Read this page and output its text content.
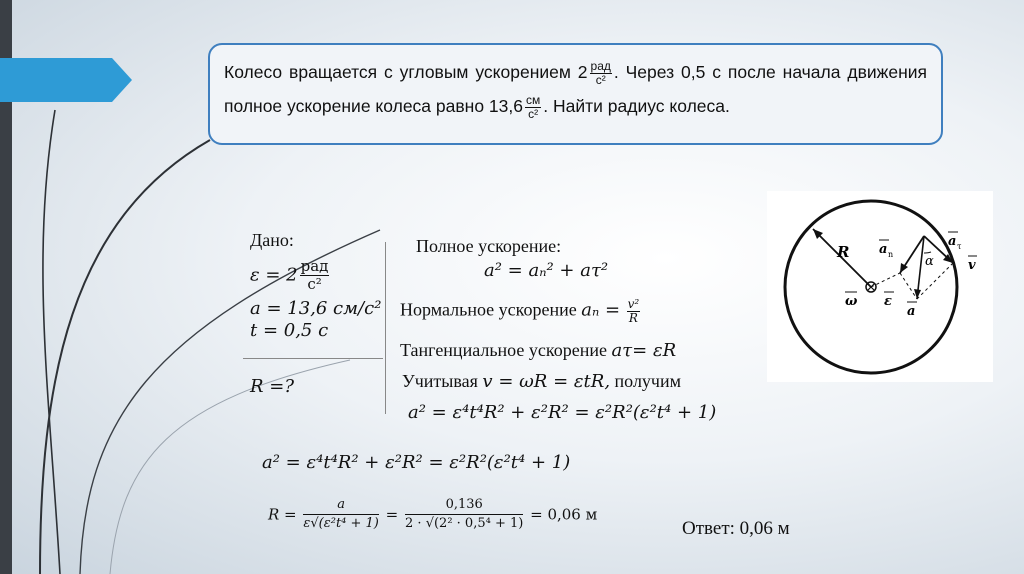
Колесо вращается с угловым ускорением $2 \frac{\text{рад}}{\text{с²}}$ . Через 0,5 с после начала движения полное ускорение колеса равно $13,6 \frac{см}{\text{с²}}$ . Найти радиус колеса.
Дано:
$\varepsilon = 2 \frac{\text{рад}}{\text{с²}}$
a = 13,6 см/с²
t = 0,5 с
R =?
Полное ускорение:
a² = aₙ² + aτ²
Нормальное ускорение $a_n = \frac{\text{v²}}{R}$
Тангенциальное ускорение aτ= εR
Учитывая v = ωR = εtR, получим
a² = ε⁴t⁴R² + ε²R² = ε²R²(ε²t⁴ + 1)
a² = ε⁴t⁴R² + ε²R² = ε²R²(ε²t⁴ + 1)
$R = \frac{a}{\text{ε√(ε²t⁴ + 1)}} = \frac{0,136}{\text{2 · √(2² · 0,5⁴ + 1)}} = 0,06$ м
Ответ: 0,06 м
R a n
a τ
α	v
ω ε
a
